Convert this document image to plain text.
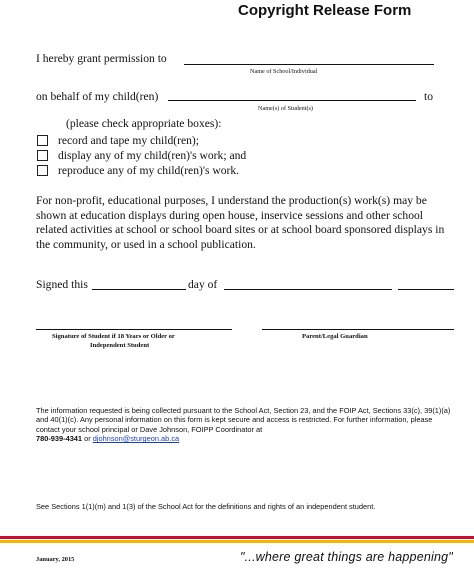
Copyright Release Form
I hereby grant permission to
Name of School/Individual
on behalf of my child(ren)	to
Name(s) of Student(s)
(please check appropriate boxes):
record and tape my child(ren);
display any of my child(ren)'s work; and
reproduce any of my child(ren)'s work.
For non-profit, educational purposes, I understand the production(s) work(s) may be shown at education displays during open house, inservice sessions and other school related activities at school or school board sites or at school board sponsored displays in the community, or used in a school publication.
Signed this	day of
Signature of Student if 18 Years or Older or
Independent Student
Parent/Legal Guardian
The information requested is being collected pursuant to the School Act, Section 23, and the FOIP Act, Sections 33(c), 39(1)(a) and 40(1)(c). Any personal information on this form is kept secure and access is restricted. For further information, please contact your school principal or Dave Johnson, FOIPP Coordinator at
780-939-4341 or djohnson@sturgeon.ab.ca
See Sections 1(1)(m) and 1(3) of the School Act for the definitions and rights of an independent student.
January, 2015	"...where great things are happening"
